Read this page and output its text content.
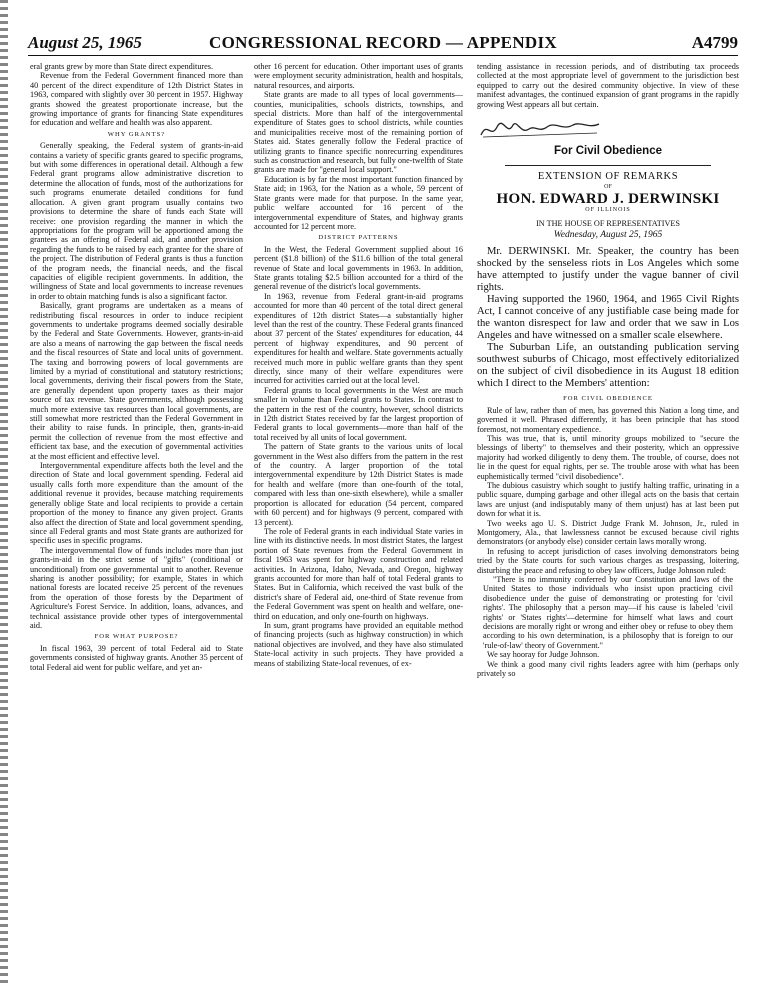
August 25, 1965	CONGRESSIONAL RECORD — APPENDIX	A4799

eral grants grew by more than State direct expenditures.

Revenue from the Federal Government financed more than 40 percent of the direct expenditure of 12th District States in 1963, compared with slightly over 30 percent in 1957. Highway grants showed the greatest proportionate increase, but the growing importance of grants for financing State expenditures for education and welfare and health was also apparent.

WHY GRANTS?

Generally speaking, the Federal system of grants-in-aid contains a variety of specific grants geared to specific programs, but with some differences in operational detail. Although a few Federal grant programs allow administrative discretion to determine the allocation of funds, most of the authorizations for such programs enumerate detailed conditions for fund allocation. A given grant program usually contains two provisions to determine the share of funds each State will receive: one provision regarding the manner in which the appropriations for the program will be apportioned among the grantees as an offering of Federal aid, and another provision regarding the funds to be raised by each grantee for the share of the project. The distribution of Federal grants is thus a function of the program needs, the financial needs, and the fiscal capacities of eligible recipient governments. In addition, the willingness of State and local governments to increase revenues in order to obtain matching funds is also a significant factor.

Basically, grant programs are undertaken as a means of redistributing fiscal resources in order to induce recipient governments to undertake programs deemed socially desirable by the Federal and State Governments. However, grants-in-aid are also a means of narrowing the gap between the fiscal needs and the fiscal resources of State and local units of government. The taxing and borrowing powers of local governments are limited by a myriad of constitutional and statutory restrictions; local governments, deriving their fiscal powers from the State, are generally dependent upon property taxes as their major source of tax revenue. State governments, although possessing much more extensive tax resources than local governments, are still somewhat more restricted than the Federal Government in their ability to raise funds. In principle, then, grants-in-aid permit the collection of revenue from the most effective and efficient tax base, and the execution of governmental activities at the most efficient and effective level.

Intergovernmental expenditure affects both the level and the direction of State and local government spending. Federal aid usually calls forth more expenditure than the amount of the additional revenue it provides, because matching requirements generally oblige State and local recipients to provide a certain proportion of the money to finance any given project. Grants also affect the direction of State and local government spending, since all Federal grants and most State grants are authorized for specific uses in specific programs.

The intergovernmental flow of funds includes more than just grants-in-aid in the strict sense of "gifts" (conditional or unconditional) from one governmental unit to another. Revenue sharing is another possibility; for example, States in which national forests are located receive 25 percent of the revenues from the operation of those forests by the Department of Agriculture's Forest Service. In addition, loans, advances, and technical assistance provide other types of intergovernmental aid.

FOR WHAT PURPOSE?

In fiscal 1963, 39 percent of total Federal aid to State governments consisted of highway grants. Another 35 percent of total Federal aid went for public welfare, and yet an-

other 16 percent for education. Other important uses of grants were employment security administration, health and hospitals, natural resources, and airports.

State grants are made to all types of local governments—counties, municipalities, schools districts, townships, and special districts. More than half of the intergovernmental expenditure of States goes to school districts, while counties and municipalities receive most of the remaining portion of States aid. States generally follow the Federal practice of utilizing grants to finance specific nonrecurring expenditures such as construction and research, but fully one-twelfth of State grants are made for "general local support."

Education is by far the most important function financed by State aid; in 1963, for the Nation as a whole, 59 percent of State grants were made for that purpose. In the same year, public welfare accounted for 16 percent of the intergovernmental expenditure of States, and highway grants accounted for 12 percent more.

DISTRICT PATTERNS

In the West, the Federal Government supplied about 16 percent ($1.8 billion) of the $11.6 billion of the total general revenue of State and local governments in 1963. In addition, State grants totaling $2.5 billion accounted for a third of the general revenue of the district's local governments.

In 1963, revenue from Federal grant-in-aid programs accounted for more than 40 percent of the total direct general expenditures of 12th district States—a substantially higher level than the rest of the country. These Federal grants financed about 37 percent of the States' expenditures for education, 44 percent of highway expenditures, and 90 percent of expenditures for health and welfare. State governments actually received much more in public welfare grants than they spent directly, since many of their welfare expenditures were incurred for activities carried out at the local level.

Federal grants to local governments in the West are much smaller in volume than Federal grants to States. In contrast to the pattern in the rest of the country, however, school districts in 12th district States received by far the largest proportion of Federal grants to local governments—more than half of the total received by all units of local government.

The pattern of State grants to the various units of local government in the West also differs from the pattern in the rest of the country. A larger proportion of the total intergovernmental expenditure by 12th District States is made for health and welfare (more than one-fourth of the total, compared with less than one-sixth elsewhere), while a smaller proportion is allocated for education (54 percent, compared with 60 percent) and for highways (9 percent, compared with 13 percent).

The role of Federal grants in each individual State varies in line with its distinctive needs. In most district States, the largest portion of State revenues from the Federal Government in fiscal 1963 was spent for highway construction and related activities. In Arizona, Idaho, Nevada, and Oregon, highway grants accounted for more than half of total Federal grants to States. But in California, which received the vast bulk of the district's share of Federal aid, one-third of State revenue from the Federal Government was spent on health and welfare, one-third on education, and only one-fourth on highways.

In sum, grant programs have provided an equitable method of financing projects (such as highway construction) in which national objectives are involved, and they have also stimulated State-local activity in such projects. They have provided a means of stabilizing State-local revenues, of ex-

tending assistance in recession periods, and of distributing tax proceeds collected at the most appropriate level of government to the jurisdiction best equipped to carry out the desired community objective. In view of these manifest advantages, the continued expansion of grant programs in the rapidly growing West appears all but certain.

For Civil Obedience
EXTENSION OF REMARKS
OF
HON. EDWARD J. DERWINSKI
OF ILLINOIS
IN THE HOUSE OF REPRESENTATIVES
Wednesday, August 25, 1965

Mr. DERWINSKI. Mr. Speaker, the country has been shocked by the senseless riots in Los Angeles which some have attempted to justify under the vague banner of civil rights.

Having supported the 1960, 1964, and 1965 Civil Rights Act, I cannot conceive of any justifiable case being made for the wanton disrespect for law and order that we saw in Los Angeles and have witnessed on a smaller scale elsewhere.

The Suburban Life, an outstanding publication serving southwest suburbs of Chicago, most effectively editorialized on the subject of civil disobedience in its August 18 edition which I direct to the Members' attention:

FOR CIVIL OBEDIENCE

Rule of law, rather than of men, has governed this Nation a long time, and governed it well. Phrased differently, it has been principle that has stood foremost, not momentary expedience.

This was true, that is, until minority groups mobilized to "secure the blessings of liberty" to themselves and their posterity, which an oppressive majority had worked diligently to deny them. The trouble, of course, does not lie in the quest for equal rights, per se. The trouble arose with what has been euphemistically termed "civil disobedience".

The dubious casuistry which sought to justify halting traffic, urinating in a public square, dumping garbage and other illegal acts on the basis that certain laws are unjust (and indisputably many of them unjust) has at last been put down for what it is.

Two weeks ago U. S. District Judge Frank M. Johnson, Jr., ruled in Montgomery, Ala., that lawlessness cannot be excused because civil rights demonstrators (or anybody else) consider certain laws morally wrong.

In refusing to accept jurisdiction of cases involving demonstrators being tried by the State courts for such various charges as trespassing, loitering, disturbing the peace and refusing to obey law officers, Judge Johnson ruled:

"There is no immunity conferred by our Constitution and laws of the United States to those individuals who insist upon practicing civil disobedience under the guise of demonstrating or protesting for 'civil rights'. The philosophy that a person may—if his cause is labeled 'civil rights' or 'States rights'—determine for himself what laws and court decisions are morally right or wrong and either obey or refuse to obey them according to his own determination, is a philosophy that is foreign to our 'rule-of-law' theory of Government."

We say hooray for Judge Johnson.

We think a good many civil rights leaders agree with him (perhaps only privately so
